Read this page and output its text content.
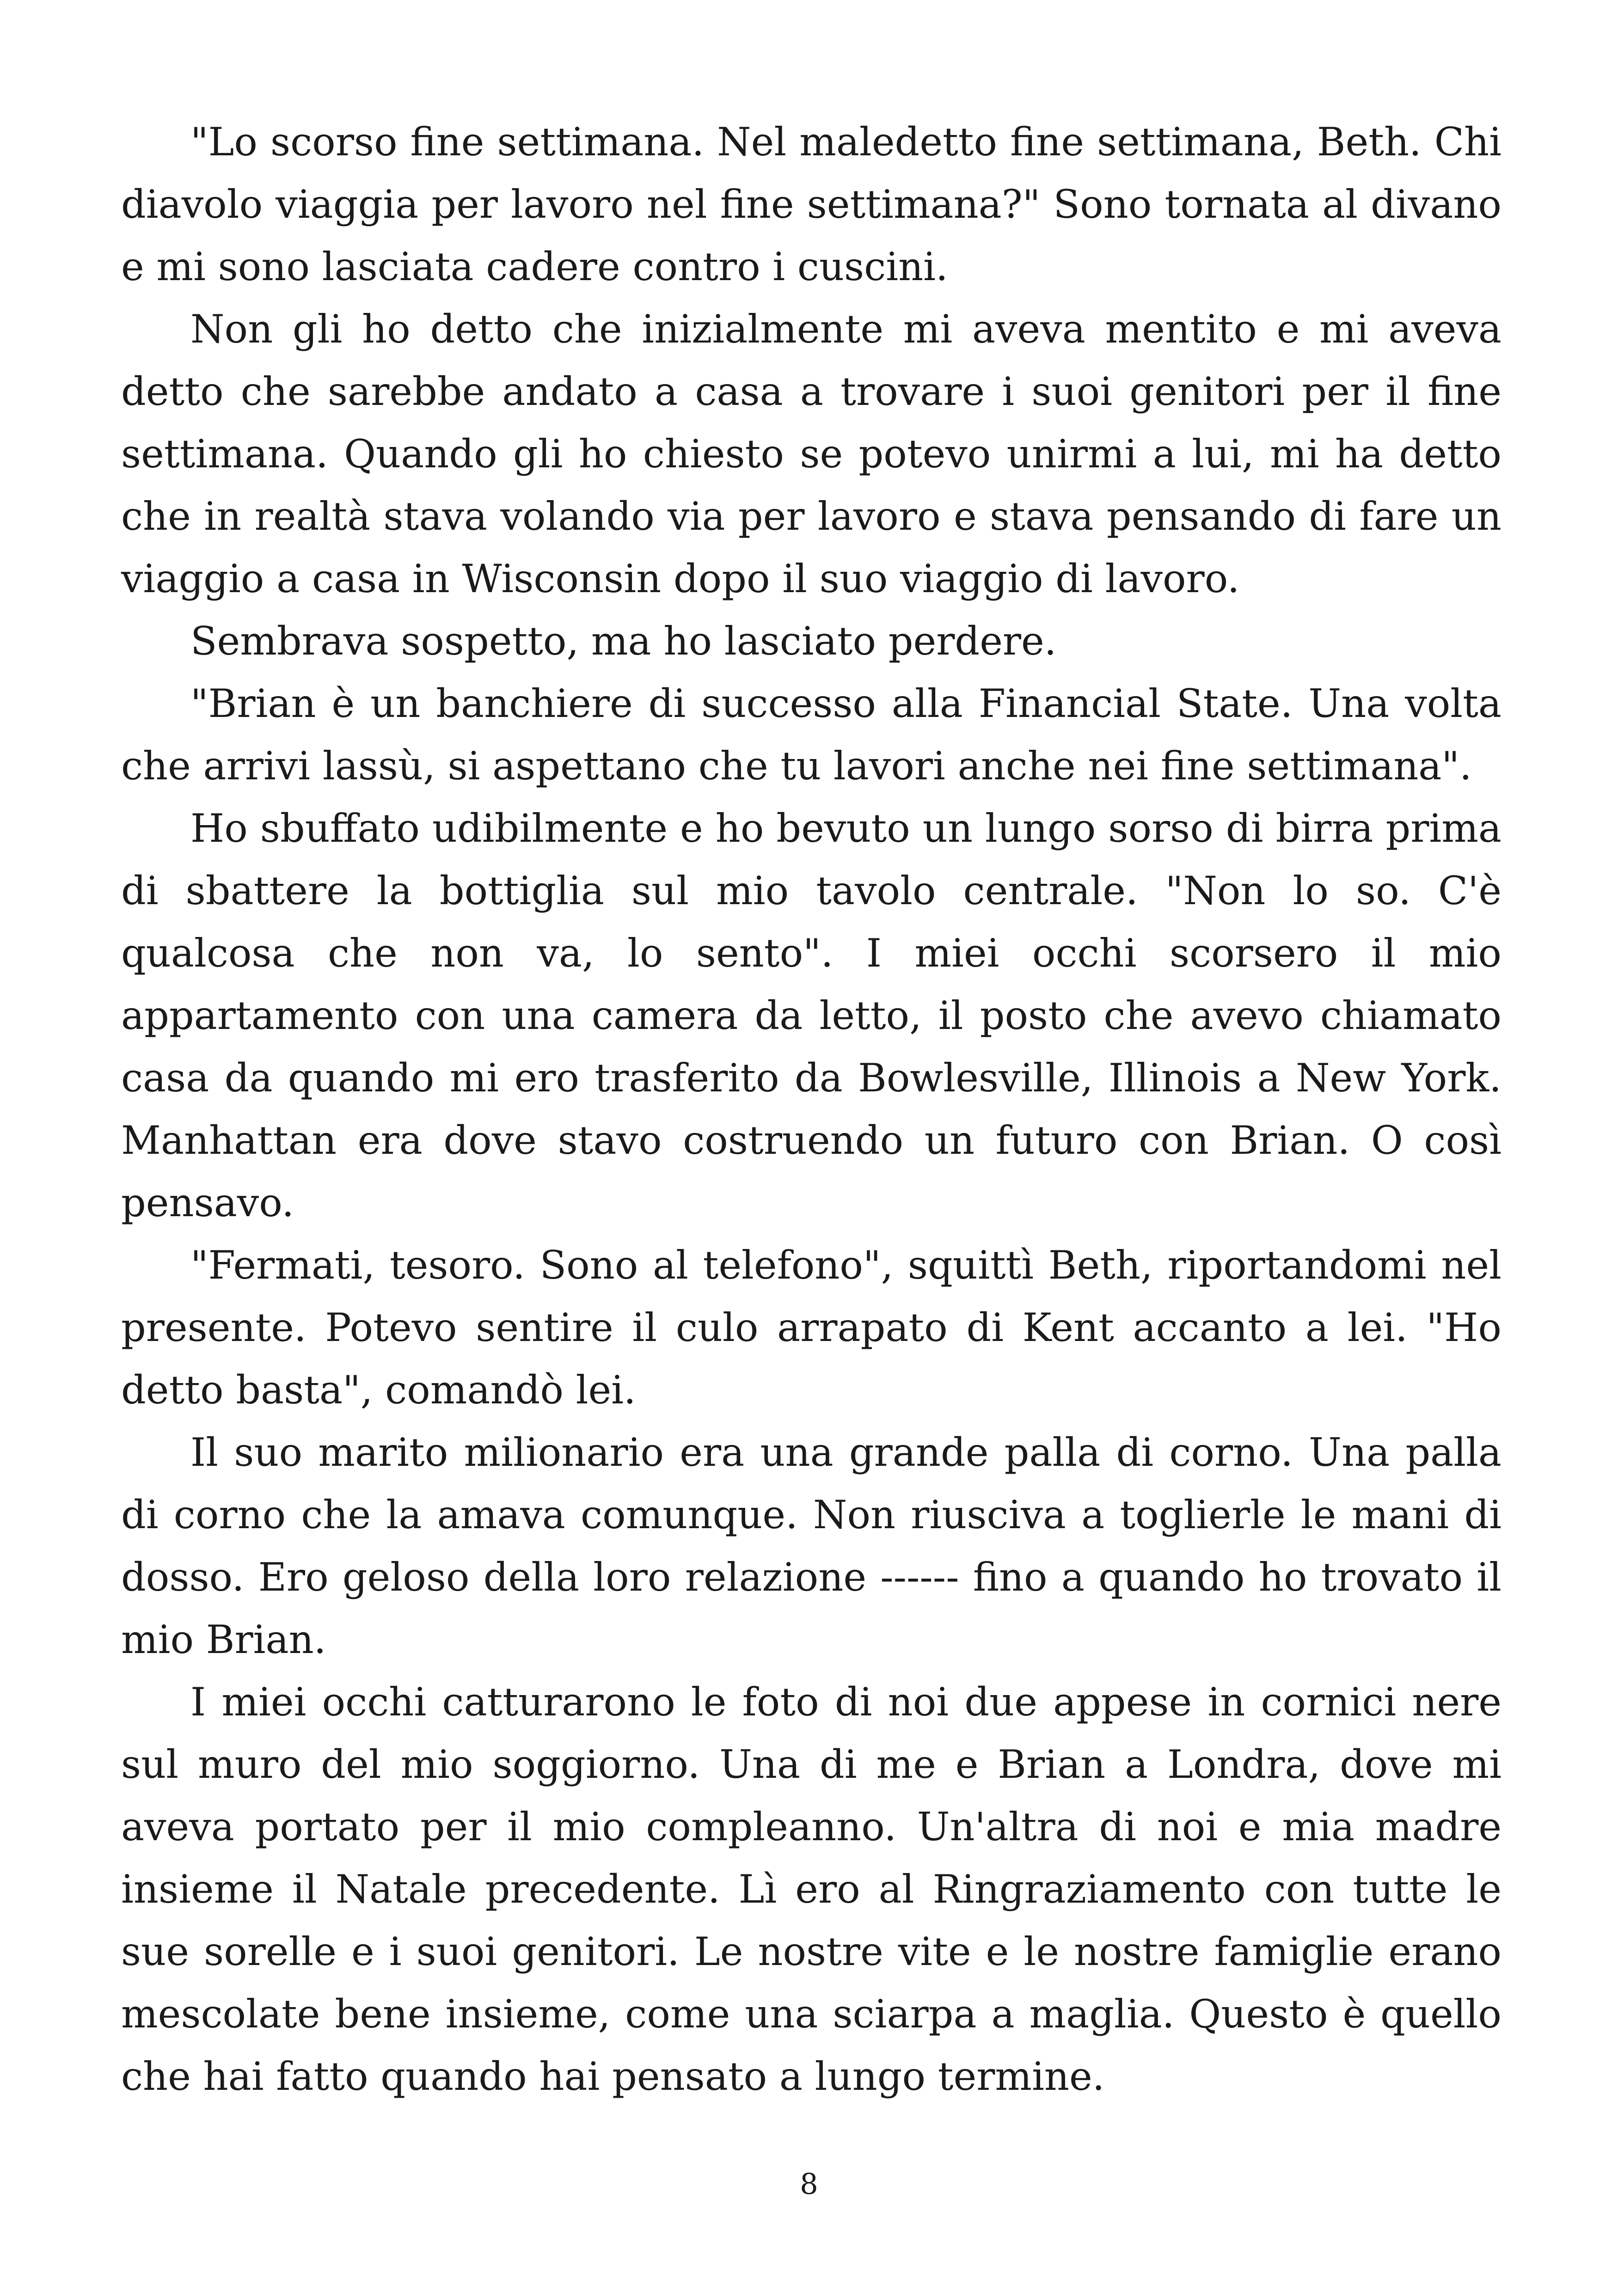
"Lo scorso fine settimana. Nel maledetto fine settimana, Beth. Chi diavolo viaggia per lavoro nel fine settimana?" Sono tornata al divano e mi sono lasciata cadere contro i cuscini.

Non gli ho detto che inizialmente mi aveva mentito e mi aveva detto che sarebbe andato a casa a trovare i suoi genitori per il fine settimana. Quando gli ho chiesto se potevo unirmi a lui, mi ha detto che in realtà stava volando via per lavoro e stava pensando di fare un viaggio a casa in Wisconsin dopo il suo viaggio di lavoro.

Sembrava sospetto, ma ho lasciato perdere.

"Brian è un banchiere di successo alla Financial State. Una volta che arrivi lassù, si aspettano che tu lavori anche nei fine settimana".

Ho sbuffato udibilmente e ho bevuto un lungo sorso di birra prima di sbattere la bottiglia sul mio tavolo centrale. "Non lo so. C'è qualcosa che non va, lo sento". I miei occhi scorsero il mio appartamento con una camera da letto, il posto che avevo chiamato casa da quando mi ero trasferito da Bowlesville, Illinois a New York. Manhattan era dove stavo costruendo un futuro con Brian. O così pensavo.

"Fermati, tesoro. Sono al telefono", squittì Beth, riportandomi nel presente. Potevo sentire il culo arrapato di Kent accanto a lei. "Ho detto basta", comandò lei.

Il suo marito milionario era una grande palla di corno. Una palla di corno che la amava comunque. Non riusciva a toglierle le mani di dosso. Ero geloso della loro relazione ------ fino a quando ho trovato il mio Brian.

I miei occhi catturarono le foto di noi due appese in cornici nere sul muro del mio soggiorno. Una di me e Brian a Londra, dove mi aveva portato per il mio compleanno. Un'altra di noi e mia madre insieme il Natale precedente. Lì ero al Ringraziamento con tutte le sue sorelle e i suoi genitori. Le nostre vite e le nostre famiglie erano mescolate bene insieme, come una sciarpa a maglia. Questo è quello che hai fatto quando hai pensato a lungo termine.

8
